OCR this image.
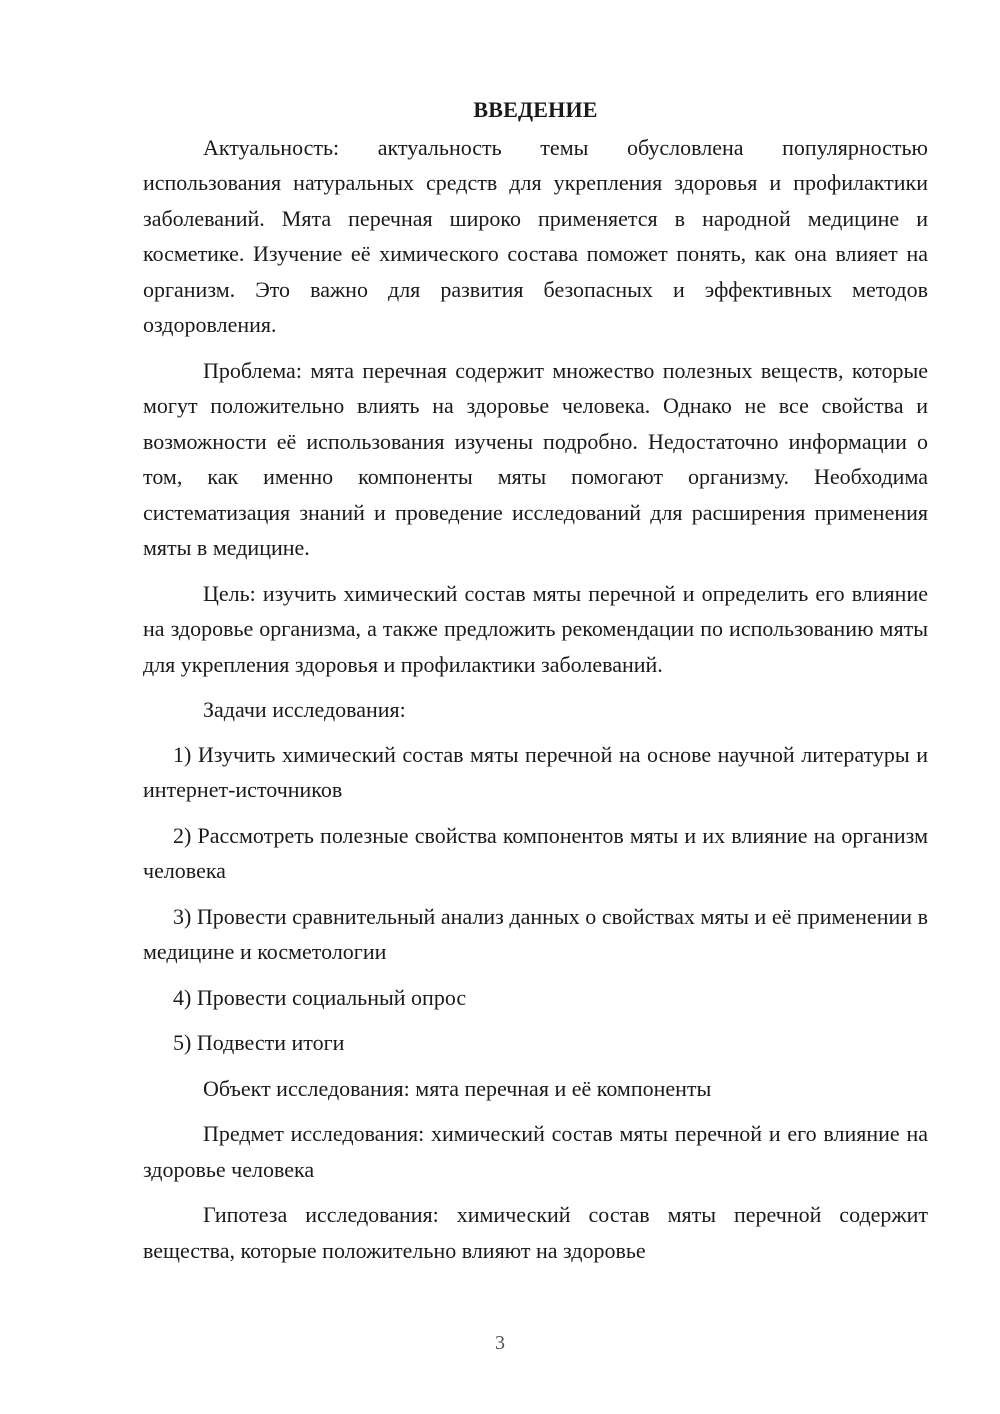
ВВЕДЕНИЕ

Актуальность: актуальность темы обусловлена популярностью использования натуральных средств для укрепления здоровья и профилактики заболеваний. Мята перечная широко применяется в народной медицине и косметике. Изучение её химического состава поможет понять, как она влияет на организм. Это важно для развития безопасных и эффективных методов оздоровления.

Проблема: мята перечная содержит множество полезных веществ, которые могут положительно влиять на здоровье человека. Однако не все свойства и возможности её использования изучены подробно. Недостаточно информации о том, как именно компоненты мяты помогают организму. Необходима систематизация знаний и проведение исследований для расширения применения мяты в медицине.

Цель: изучить химический состав мяты перечной и определить его влияние на здоровье организма, а также предложить рекомендации по использованию мяты для укрепления здоровья и профилактики заболеваний.

Задачи исследования:

1) Изучить химический состав мяты перечной на основе научной литературы и интернет-источников

2) Рассмотреть полезные свойства компонентов мяты и их влияние на организм человека

3) Провести сравнительный анализ данных о свойствах мяты и её применении в медицине и косметологии

4) Провести социальный опрос

5) Подвести итоги

Объект исследования: мята перечная и её компоненты

Предмет исследования: химический состав мяты перечной и его влияние на здоровье человека

Гипотеза исследования: химический состав мяты перечной содержит вещества, которые положительно влияют на здоровье

3
